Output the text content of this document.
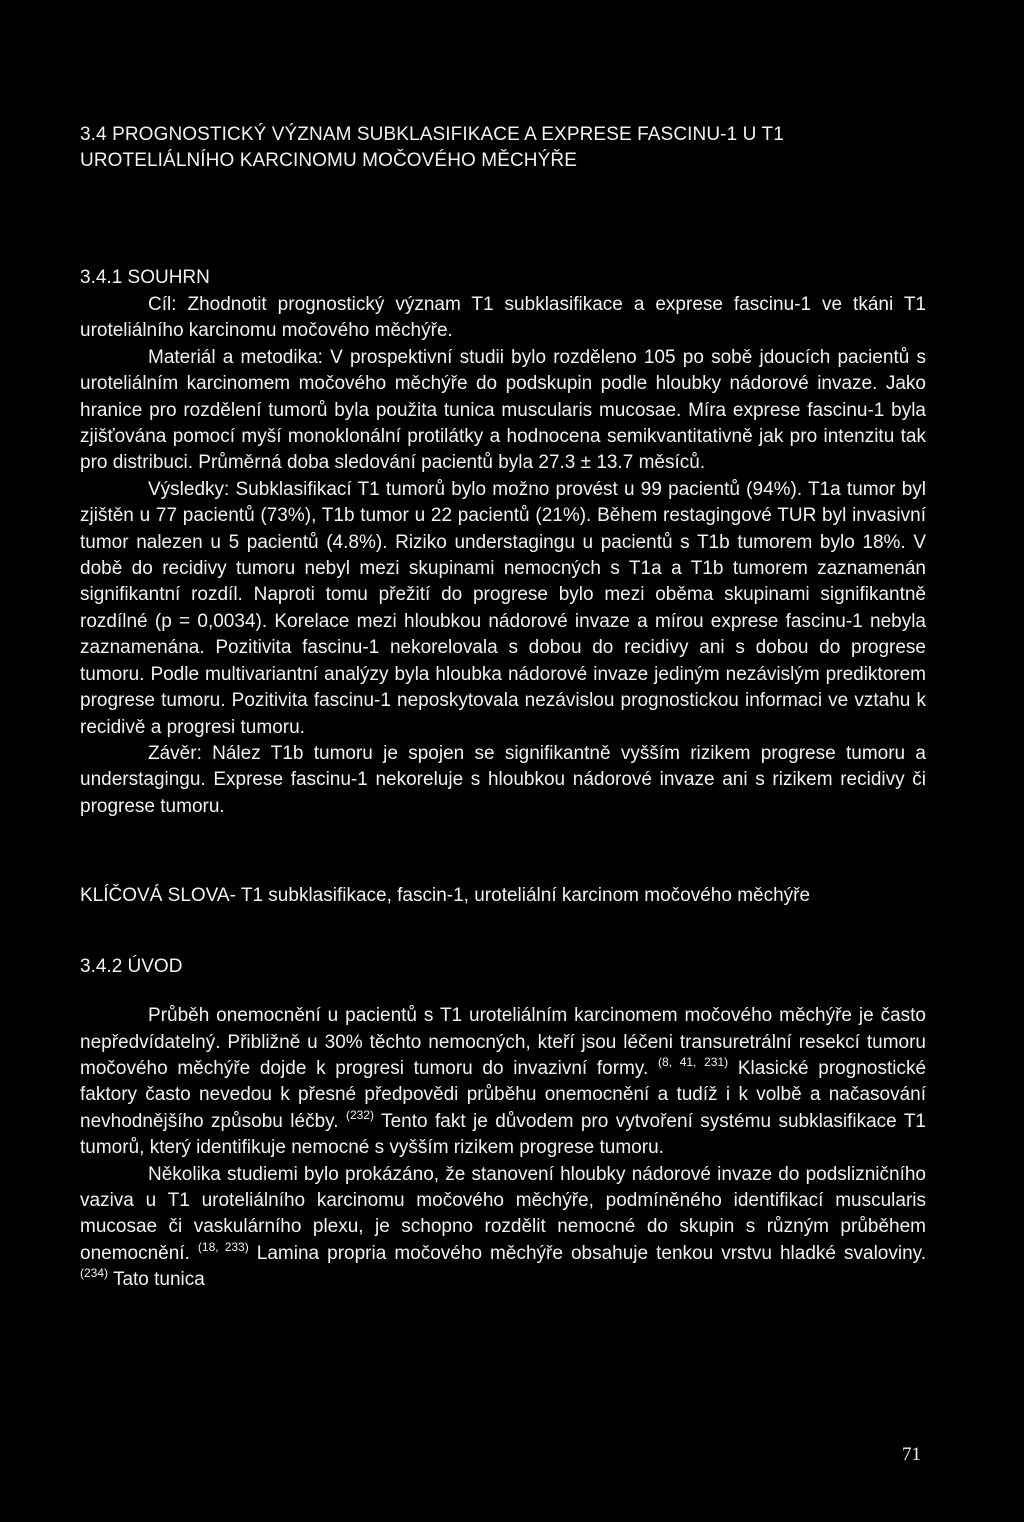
3.4 PROGNOSTICKÝ VÝZNAM SUBKLASIFIKACE A EXPRESE FASCINU-1 U T1
UROTELIÁLNÍHO KARCINOMU MOČOVÉHO MĚCHÝŘE
3.4.1 SOUHRN

Cíl: Zhodnotit prognostický význam T1 subklasifikace a exprese fascinu-1 ve tkáni T1 uroteliálního karcinomu močového měchýře.

Materiál a metodika: V prospektivní studii bylo rozděleno 105 po sobě jdoucích pacientů s uroteliálním karcinomem močového měchýře do podskupin podle hloubky nádorové invaze. Jako hranice pro rozdělení tumorů byla použita tunica muscularis mucosae. Míra exprese fascinu-1 byla zjišťována pomocí myší monoklonální protilátky a hodnocena semikvantitativně jak pro intenzitu tak pro distribuci. Průměrná doba sledování pacientů byla 27.3 ± 13.7 měsíců.

Výsledky: Subklasifikací T1 tumorů bylo možno provést u 99 pacientů (94%). T1a tumor byl zjištěn u 77 pacientů (73%), T1b tumor u 22 pacientů (21%). Během restagingové TUR byl invasivní tumor nalezen u 5 pacientů (4.8%). Riziko understagingu u pacientů s T1b tumorem bylo 18%. V době do recidivy tumoru nebyl mezi skupinami nemocných s T1a a T1b tumorem zaznamenán signifikantní rozdíl. Naproti tomu přežití do progrese bylo mezi oběma skupinami signifikantně rozdílné (p = 0,0034). Korelace mezi hloubkou nádorové invaze a mírou exprese fascinu-1 nebyla zaznamenána. Pozitivita fascinu-1 nekorelovala s dobou do recidivy ani s dobou do progrese tumoru. Podle multivariantní analýzy byla hloubka nádorové invaze jediným nezávislým prediktorem progrese tumoru. Pozitivita fascinu-1 neposkytovala nezávislou prognostickou informaci ve vztahu k recidivě a progresi tumoru.

Závěr: Nález T1b tumoru je spojen se signifikantně vyšším rizikem progrese tumoru a understagingu. Exprese fascinu-1 nekoreluje s hloubkou nádorové invaze ani s rizikem recidivy či progrese tumoru.

KLÍČOVÁ SLOVA- T1 subklasifikace, fascin-1, uroteliální karcinom močového měchýře

3.4.2 ÚVOD

Průběh onemocnění u pacientů s T1 uroteliálním karcinomem močového měchýře je často nepředvídatelný. Přibližně u 30% těchto nemocných, kteří jsou léčeni transuretrální resekcí tumoru močového měchýře dojde k progresi tumoru do invazivní formy. $^{(8, 41, 231)}$ Klasické prognostické faktory často nevedou k přesné předpovědi průběhu onemocnění a tudíž i k volbě a načasování nevhodnějšího způsobu léčby. $^{(232)}$ Tento fakt je důvodem pro vytvoření systému subklasifikace T1 tumorů, který identifikuje nemocné s vyšším rizikem progrese tumoru.

Několika studiemi bylo prokázáno, že stanovení hloubky nádorové invaze do podslizničního vaziva u T1 uroteliálního karcinomu močového měchýře, podmíněného identifikací muscularis mucosae či vaskulárního plexu, je schopno rozdělit nemocné do skupin s různým průběhem onemocnění. $^{(18, 233)}$ Lamina propria močového měchýře obsahuje tenkou vrstvu hladké svaloviny. $^{(234)}$ Tato tunica

71
